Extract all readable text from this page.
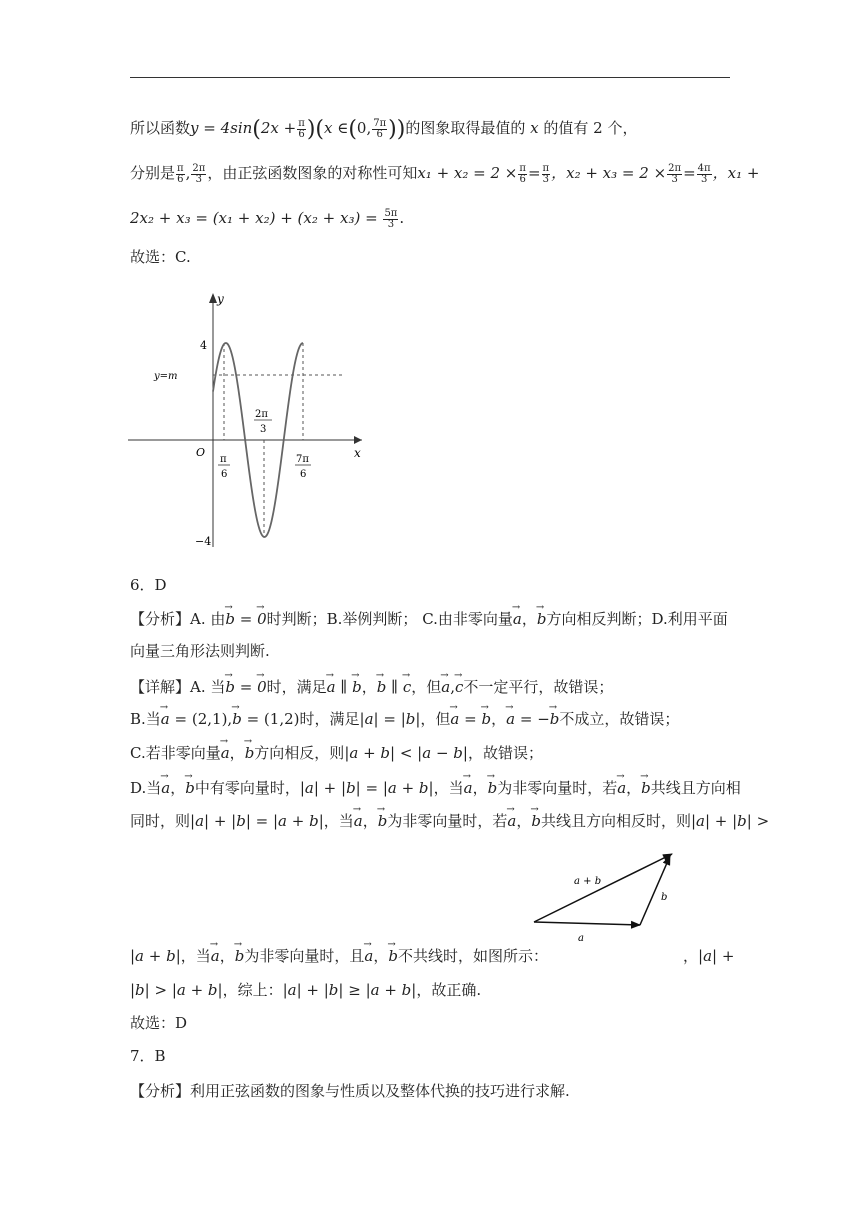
所以函数$y = 4\sin(2x + \frac{\pi}{6} )(x$ ∈(0, $\frac{7\pi}{6}$ ))的图象取得最值的 x 的值有 2 个，
分别是 $\frac{\pi}{6}$ , $\frac{2\pi}{3}$ ，由正弦函数图象的对称性可知$x_1 + x_2 = 2 \times \frac{\pi}{6} = \frac{\pi}{3}$ ，$x_2 + x_3 = 2 \times \frac{2\pi}{3} = \frac{4\pi}{3}$ ，x₁ +
$2x_2 + x_3 = (x_1 + x_2) + (x_2 + x_3) = \frac{5\pi}{3}$ .
故选：C.
y
x
O
4
−4
y=m
π
6
2π
3
7π
6
6．D
【分析】A. 由→ b = → 0时判断；B.举例判断； C.由非零向量→ a，→ b方向相反判断；D.利用平面
向量三角形法则判断.
【详解】A. 当→ b = → 0时，满足→ a ∥ → b，→ b ∥ → c，但→ a,→ c不一定平行，故错误；
B.当→ a = (2,1),→ b = (1,2)时，满足|a| = |b|，但→ a = → b，→ a = −→ b不成立，故错误；
C.若非零向量→ a，→ b方向相反，则|a + b| < |a − b|，故错误；
D.当→ a，→ b中有零向量时，|a| + |b| = |a + b|，当→ a，→ b为非零向量时，若→ a，→ b共线且方向相
同时，则|a| + |b| = |a + b|，当→ a，→ b为非零向量时，若→ a，→ b共线且方向相反时，则|a| + |b| >
a + b
a
b
|a + b|，当→ a，→ b为非零向量时，且→ a，→ b不共线时，如图所示：	，|a| +
|b| > |a + b|，综上：|a| + |b| ≥ |a + b|，故正确.
故选：D
7．B
【分析】利用正弦函数的图象与性质以及整体代换的技巧进行求解.
